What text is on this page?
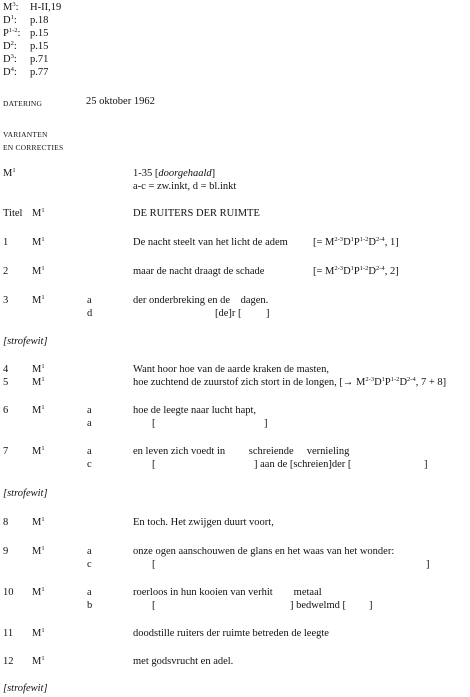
$M^3$: H-II,19
$D^1$: p.18
$P^{1-2}$: p.15
$D^2$: p.15
$D^3$: p.71
$D^4$: p.77
DATERING	25 oktober 1962
VARIANTEN
EN CORRECTIES
$M^1$	1-35 [doorgehaald]
a-c = zw.inkt, d = bl.inkt
Titel $M^1$	DE RUITERS DER RUIMTE
1 $M^1$	De nacht steelt van het licht de adem [= $M^{2-3}D^1P^{1-2}D^{2-4}$, 1]
2 $M^1$	maar de nacht draagt de schade	[= $M^{2-3}D^1P^{1-2}D^{2-4}$, 2]
3 $M^1$	a	der onderbreking en de    dagen.
d	[de]r [ ]
[strofewit]
4 $M^1$	Want hoor hoe van de aarde kraken de masten,
5 $M^1$	hoe zuchtend de zuurstof zich stort in de longen, [→ $M^{2-3}D^1P^{1-2}D^{2-4}$, 7 + 8]
6 $M^1$	a	hoe de leegte naar lucht hapt,
a	[	]
7 $M^1$	a	en leven zich voedt in         schreiende     vernieling
c	[	] aan de [schreien]der [	]
[strofewit]
8 $M^1$	En toch. Het zwijgen duurt voort,
9 $M^1$	a	onze ogen aanschouwen de glans en het waas van het wonder:
c	[	]
10 $M^1$	a	roerloos in hun kooien van verhit        metaal
b	[	] bedwelmd [ ]
11 $M^1$	doodstille ruiters der ruimte betreden de leegte
12 $M^1$	met godsvrucht en adel.
[strofewit]
